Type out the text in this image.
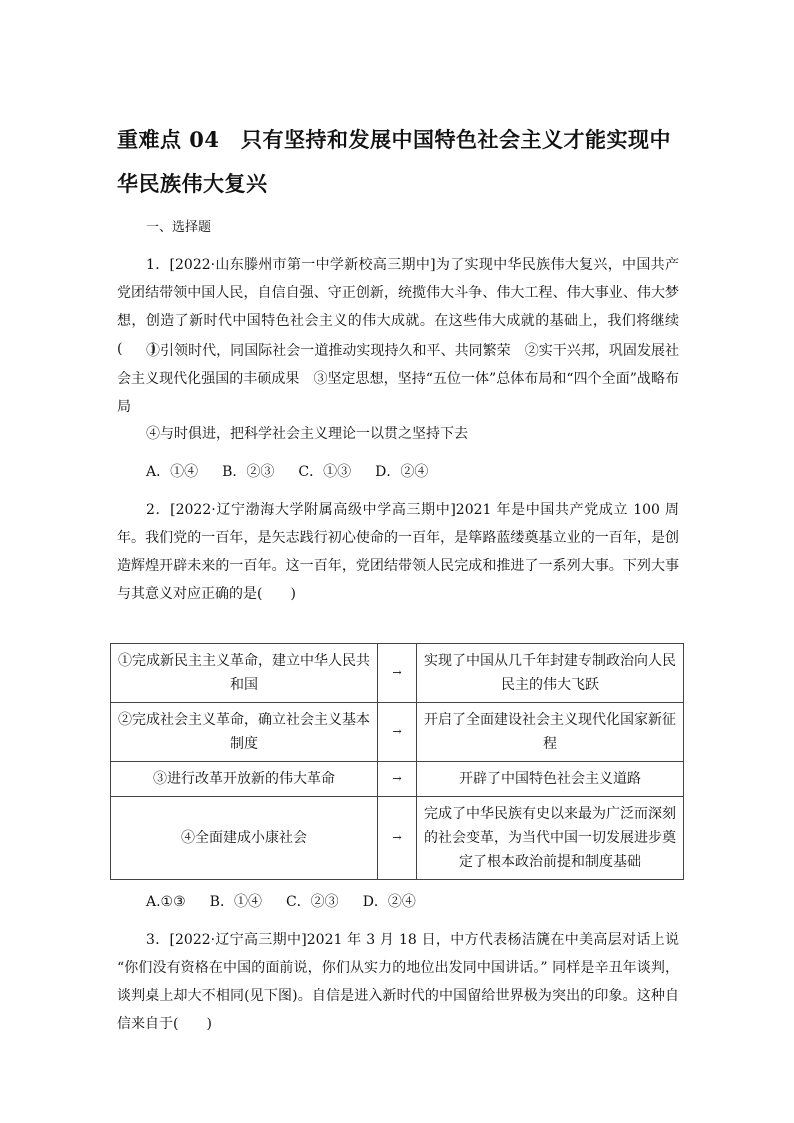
重难点 04　只有坚持和发展中国特色社会主义才能实现中华民族伟大复兴
一、选择题
1．[2022·山东滕州市第一中学新校高三期中]为了实现中华民族伟大复兴，中国共产党团结带领中国人民，自信自强、守正创新，统揽伟大斗争、伟大工程、伟大事业、伟大梦想，创造了新时代中国特色社会主义的伟大成就。在这些伟大成就的基础上，我们将继续(　　)
①引领时代，同国际社会一道推动实现持久和平、共同繁荣　②实干兴邦，巩固发展社会主义现代化强国的丰硕成果　③坚定思想，坚持“五位一体”总体布局和“四个全面”战略布局
④与时俱进，把科学社会主义理论一以贯之坚持下去
A．①④ B．②③ C．①③ D．②④
2．[2022·辽宁渤海大学附属高级中学高三期中]2021 年是中国共产党成立 100 周年。我们党的一百年，是矢志践行初心使命的一百年，是筚路蓝缕奠基立业的一百年，是创造辉煌开辟未来的一百年。这一百年，党团结带领人民完成和推进了一系列大事。下列大事与其意义对应正确的是(　　)
①完成新民主主义革命，建立中华人民共和国	→	实现了中国从几千年封建专制政治向人民民主的伟大飞跃
②完成社会主义革命，确立社会主义基本制度	→	开启了全面建设社会主义现代化国家新征程
③进行改革开放新的伟大革命	→	开辟了中国特色社会主义道路
④全面建成小康社会	→	完成了中华民族有史以来最为广泛而深刻的社会变革，为当代中国一切发展进步奠定了根本政治前提和制度基础
A.①③ B．①④ C．②③ D．②④
3．[2022·辽宁高三期中]2021 年 3 月 18 日，中方代表杨洁篪在中美高层对话上说 “你们没有资格在中国的面前说，你们从实力的地位出发同中国讲话。” 同样是辛丑年谈判，谈判桌上却大不相同(见下图)。自信是进入新时代的中国留给世界极为突出的印象。这种自信来自于(　　)
